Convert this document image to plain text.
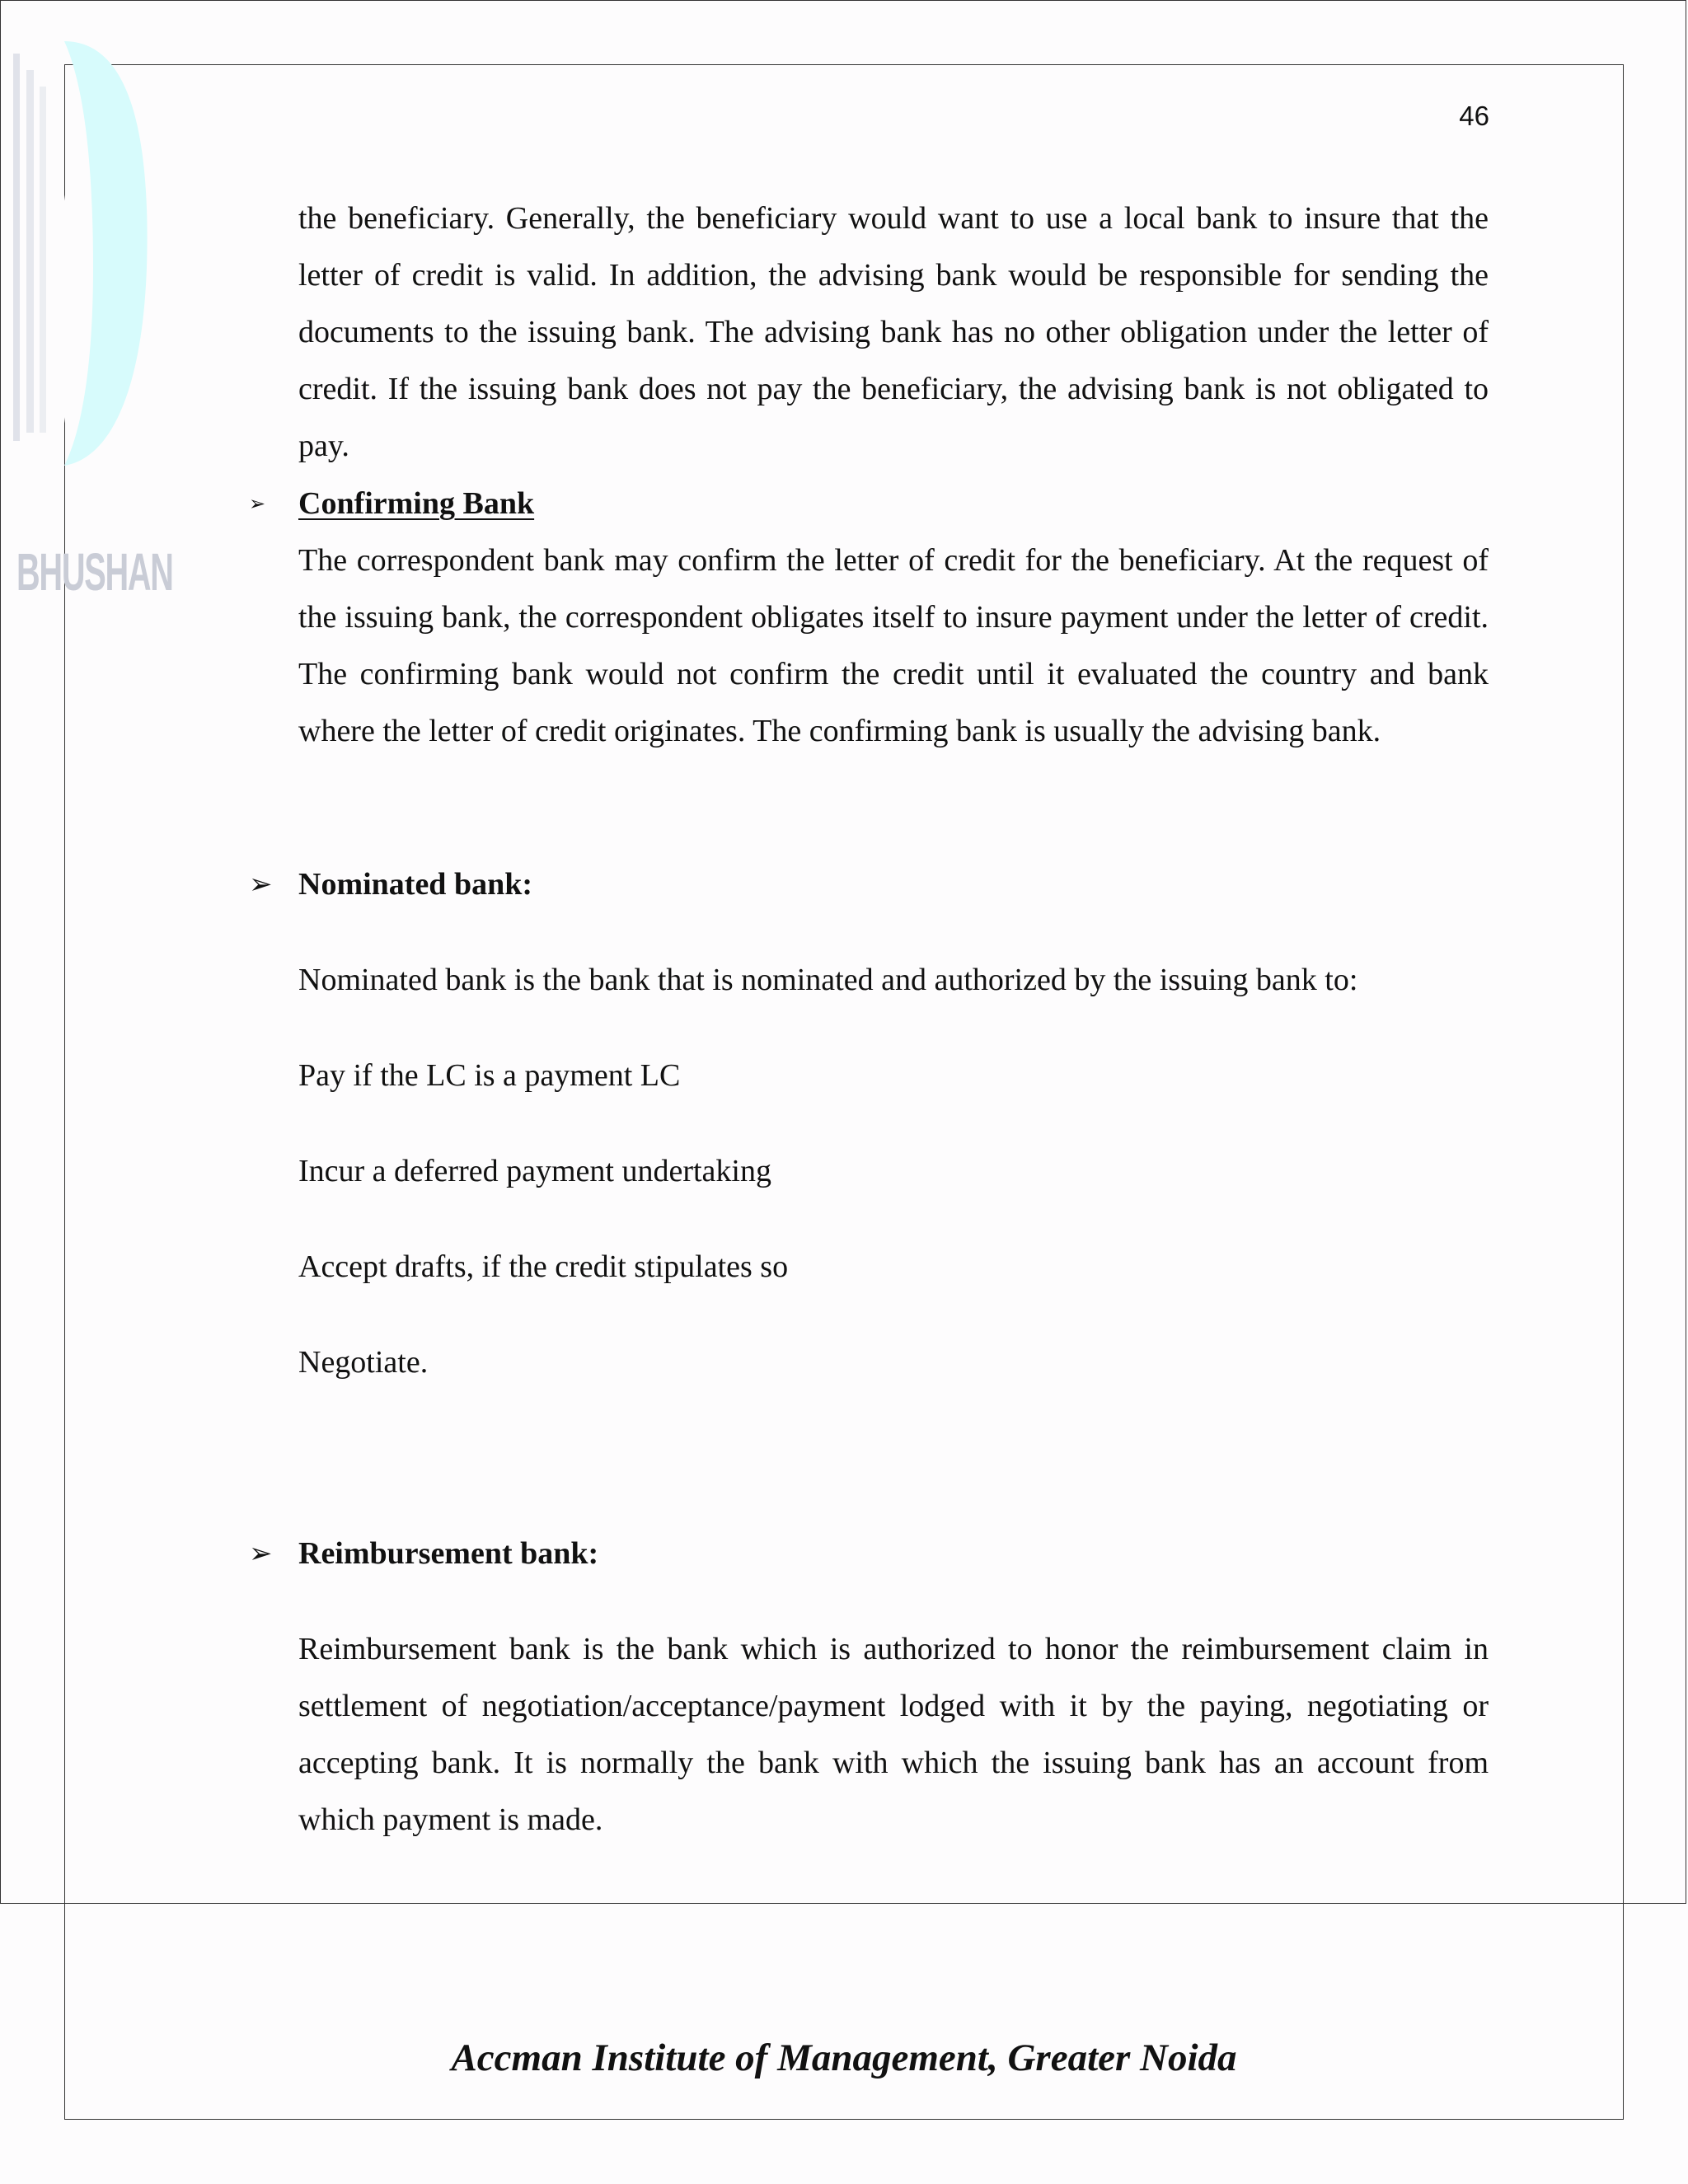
BHUSHAN
46

the beneficiary. Generally, the beneficiary would want to use a local bank to insure that the letter of credit is valid. In addition, the advising bank would be responsible for sending the documents to the issuing bank. The advising bank has no other obligation under the letter of credit. If the issuing bank does not pay the beneficiary, the advising bank is not obligated to pay.

➢ Confirming Bank

The correspondent bank may confirm the letter of credit for the beneficiary. At the request of the issuing bank, the correspondent obligates itself to insure payment under the letter of credit. The confirming bank would not confirm the credit until it evaluated the country and bank where the letter of credit originates. The confirming bank is usually the advising bank.

➢ Nominated bank:

Nominated bank is the bank that is nominated and authorized by the issuing bank to:

Pay if the LC is a payment LC

Incur a deferred payment undertaking

Accept drafts, if the credit stipulates so

Negotiate.

➢ Reimbursement bank:

Reimbursement bank is the bank which is authorized to honor the reimbursement claim in settlement of negotiation/acceptance/payment lodged with it by the paying, negotiating or accepting bank. It is normally the bank with which the issuing bank has an account from which payment is made.

Accman Institute of Management, Greater Noida
